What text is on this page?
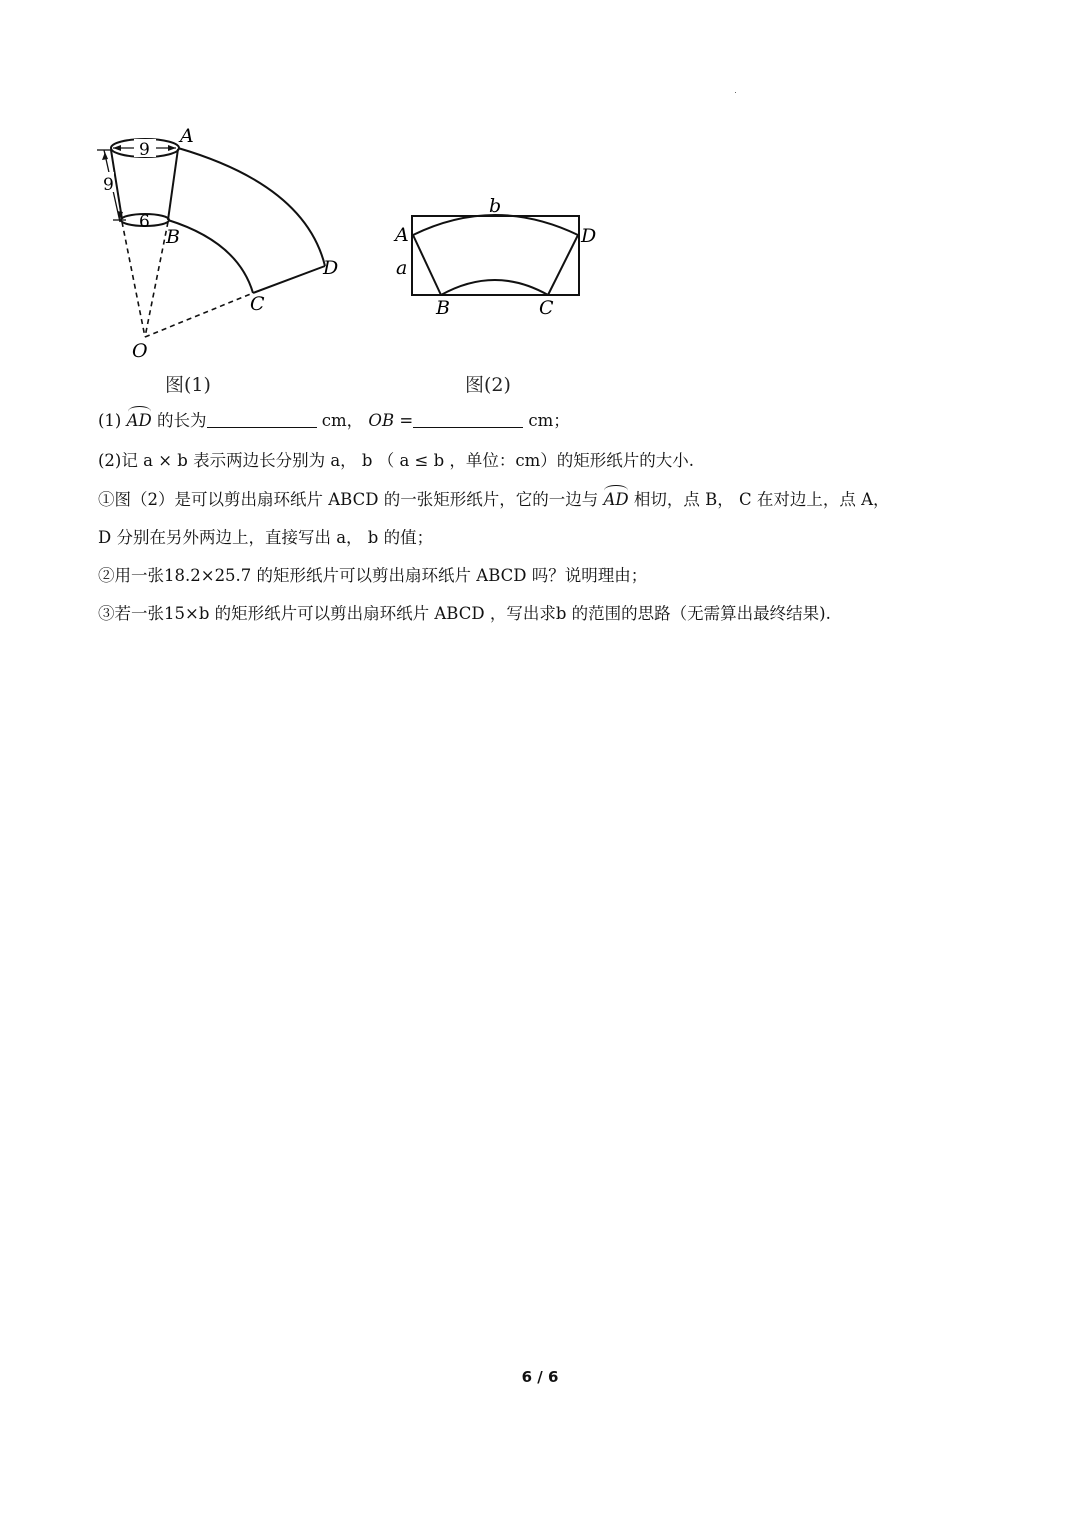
9
9
6
A
B
C
D
O
图(1)
b
A	D
a
B	C
图(2)
(1) AD 的长为	cm， OB =	cm；
(2)记 a × b 表示两边长分别为 a， b （ a ≤ b ，单位：cm）的矩形纸片的大小.
①图（2）是可以剪出扇环纸片 ABCD 的一张矩形纸片，它的一边与 AD 相切，点 B， C 在对边上，点 A，
D 分别在另外两边上，直接写出 a， b 的值；
②用一张18.2×25.7 的矩形纸片可以剪出扇环纸片 ABCD 吗？说明理由；
③若一张15×b 的矩形纸片可以剪出扇环纸片 ABCD ，写出求b 的范围的思路（无需算出最终结果).
6 / 6
